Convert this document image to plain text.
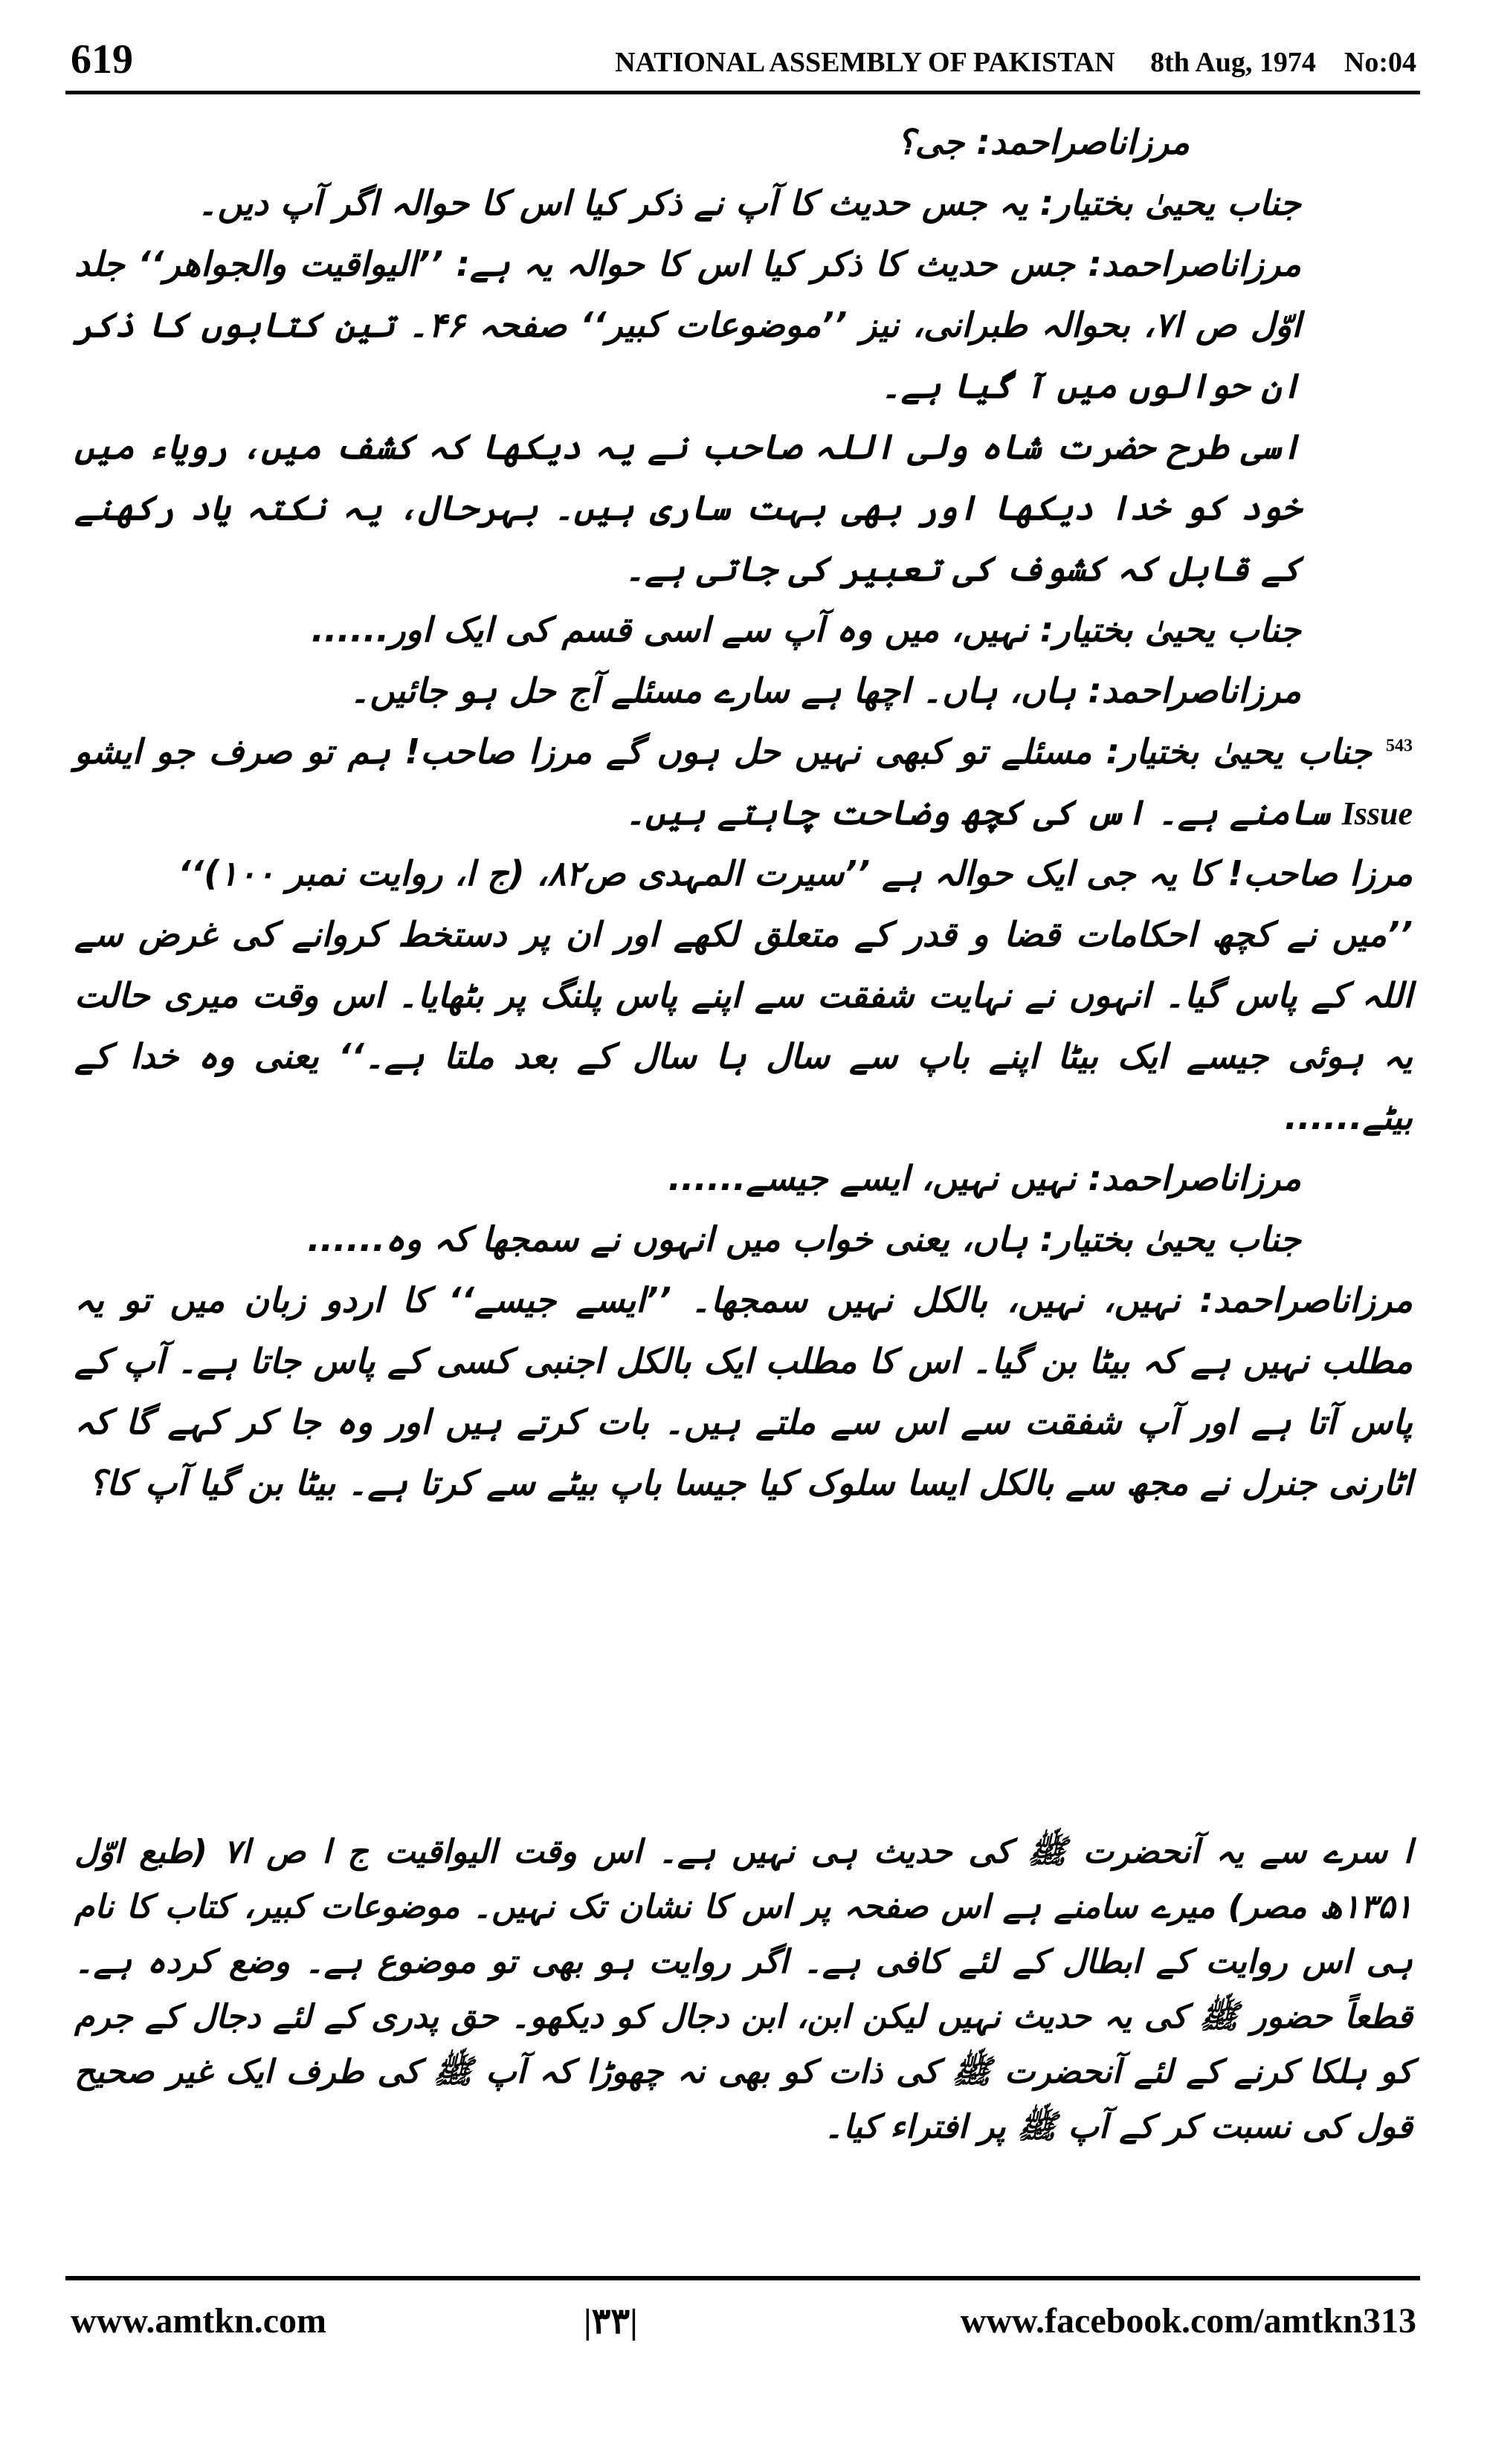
619	NATIONAL ASSEMBLY OF PAKISTAN     8th Aug, 1974    No:04

مرزاناصراحمد: جی؟

جناب یحییٰ بختیار: یہ جس حدیث کا آپ نے ذکر کیا اس کا حوالہ اگر آپ دیں۔

مرزاناصراحمد: جس حدیث کا ذکر کیا اس کا حوالہ یہ ہے: ’’الیواقیت والجواھر‘‘ جلد اوّل ص ا۷، بحوالہ طبرانی، نیز ’’موضوعات کبیر‘‘ صفحہ ۴۶۔ تین کتابوں کا ذکر ان حوالوں میں آ گیا ہے۔

اسی طرح حضرت شاہ ولی اللہ صاحب نے یہ دیکھا کہ کشف میں، رویاء میں خود کو خدا دیکھا اور بھی بہت ساری ہیں۔ بہرحال، یہ نکتہ یاد رکھنے کے قابل کہ کشوف کی تعبیر کی جاتی ہے۔

جناب یحییٰ بختیار: نہیں، میں وہ آپ سے اسی قسم کی ایک اور......

مرزاناصراحمد: ہاں، ہاں۔ اچھا ہے سارے مسئلے آج حل ہو جائیں۔

$^{543}$ جناب یحییٰ بختیار: مسئلے تو کبھی نہیں حل ہوں گے مرزا صاحب! ہم تو صرف جو ایشو Issue سامنے ہے۔ اس کی کچھ وضاحت چاہتے ہیں۔

مرزا صاحب! کا یہ جی ایک حوالہ ہے ’’سیرت المہدی ص۸۲، (ج ا، روایت نمبر ۱۰۰)‘‘

’’میں نے کچھ احکامات قضا و قدر کے متعلق لکھے اور ان پر دستخط کروانے کی غرض سے اللہ کے پاس گیا۔ انہوں نے نہایت شفقت سے اپنے پاس پلنگ پر بٹھایا۔ اس وقت میری حالت یہ ہوئی جیسے ایک بیٹا اپنے باپ سے سال ہا سال کے بعد ملتا ہے۔‘‘ یعنی وہ خدا کے بیٹے......

مرزاناصراحمد: نہیں نہیں، ایسے جیسے......

جناب یحییٰ بختیار: ہاں، یعنی خواب میں انہوں نے سمجھا کہ وہ......

مرزاناصراحمد: نہیں، نہیں، بالکل نہیں سمجھا۔ ’’ایسے جیسے‘‘ کا اردو زبان میں تو یہ مطلب نہیں ہے کہ بیٹا بن گیا۔ اس کا مطلب ایک بالکل اجنبی کسی کے پاس جاتا ہے۔ آپ کے پاس آتا ہے اور آپ شفقت سے اس سے ملتے ہیں۔ بات کرتے ہیں اور وہ جا کر کہے گا کہ اٹارنی جنرل نے مجھ سے بالکل ایسا سلوک کیا جیسا باپ بیٹے سے کرتا ہے۔ بیٹا بن گیا آپ کا؟

ا سرے سے یہ آنحضرت ﷺ کی حدیث ہی نہیں ہے۔ اس وقت الیواقیت ج ا ص ا۷ (طبع اوّل ۱۳۵۱ھ مصر) میرے سامنے ہے اس صفحہ پر اس کا نشان تک نہیں۔ موضوعات کبیر، کتاب کا نام ہی اس روایت کے ابطال کے لئے کافی ہے۔ اگر روایت ہو بھی تو موضوع ہے۔ وضع کردہ ہے۔ قطعاً حضور ﷺ کی یہ حدیث نہیں لیکن ابن، ابن دجال کو دیکھو۔ حق پدری کے لئے دجال کے جرم کو ہلکا کرنے کے لئے آنحضرت ﷺ کی ذات کو بھی نہ چھوڑا کہ آپ ﷺ کی طرف ایک غیر صحیح قول کی نسبت کر کے آپ ﷺ پر افتراء کیا۔

www.amtkn.com

	|۳۳|

	www.facebook.com/amtkn313
